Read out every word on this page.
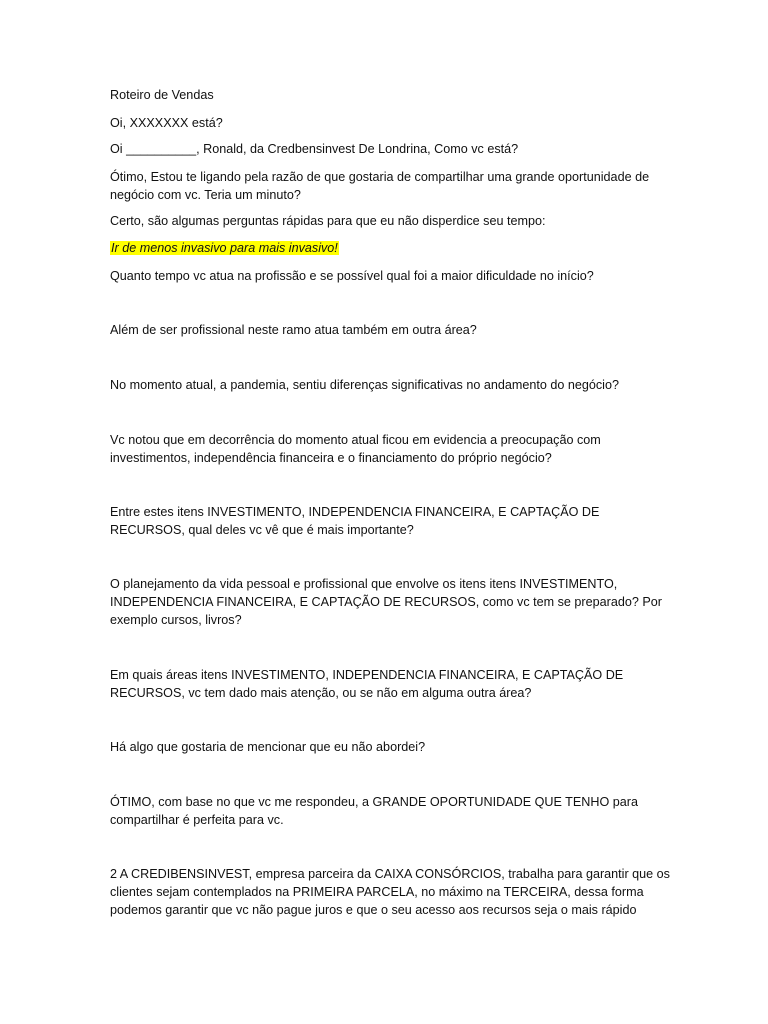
Roteiro de Vendas

Oi, XXXXXXX está?

Oi __________, Ronald, da Credbensinvest De Londrina, Como vc está?

Ótimo, Estou te ligando pela razão de que gostaria de compartilhar uma grande oportunidade de negócio com vc. Teria um minuto?

Certo, são algumas perguntas rápidas para que eu não disperdice seu tempo:

Ir de menos invasivo para mais invasivo!

Quanto tempo vc atua na profissão e se possível qual foi a maior dificuldade no início?

Além de ser profissional neste ramo atua também em outra área?

No momento atual, a pandemia, sentiu diferenças significativas no andamento do negócio?

Vc notou que em decorrência do momento atual ficou em evidencia a preocupação com investimentos, independência financeira e o financiamento do próprio negócio?

Entre estes itens INVESTIMENTO, INDEPENDENCIA FINANCEIRA, E CAPTAÇÃO DE RECURSOS, qual deles vc vê que é mais importante?

O planejamento da vida pessoal e profissional que envolve os itens itens INVESTIMENTO, INDEPENDENCIA FINANCEIRA, E CAPTAÇÃO DE RECURSOS, como vc tem se preparado? Por exemplo cursos, livros?

Em quais áreas itens INVESTIMENTO, INDEPENDENCIA FINANCEIRA, E CAPTAÇÃO DE RECURSOS, vc tem dado mais atenção, ou se não em alguma outra área?

Há algo que gostaria de mencionar que eu não abordei?

ÓTIMO, com base no que vc me respondeu, a GRANDE OPORTUNIDADE QUE TENHO para compartilhar é perfeita para vc.

2 A CREDIBENSINVEST, empresa parceira da CAIXA CONSÓRCIOS, trabalha para garantir que os clientes sejam contemplados na PRIMEIRA PARCELA, no máximo na TERCEIRA, dessa forma podemos garantir que vc não pague juros e que o seu acesso aos recursos seja o mais rápido
